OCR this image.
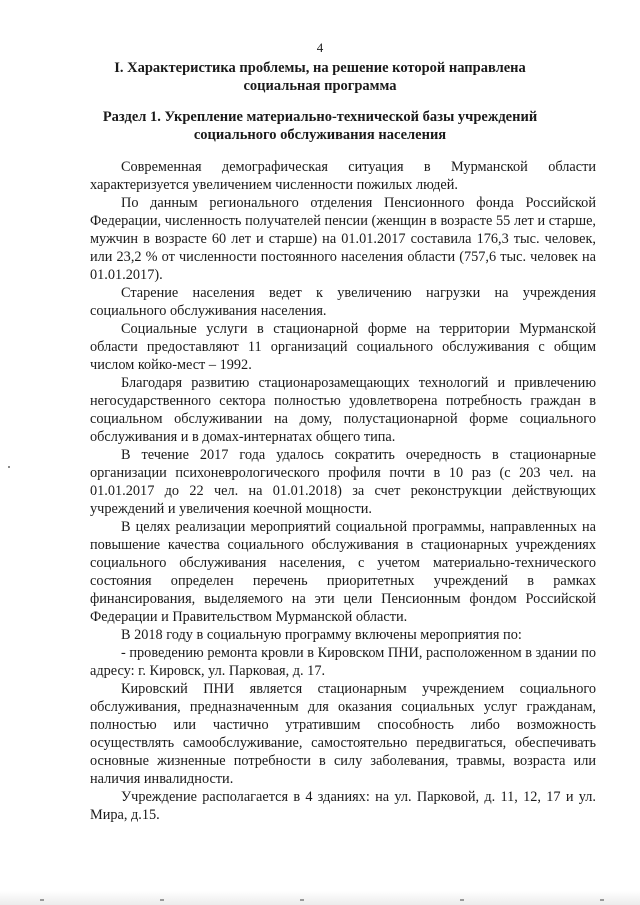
4
I. Характеристика проблемы, на решение которой направлена
социальная программа
Раздел 1. Укрепление материально-технической базы учреждений
социального обслуживания населения

Современная демографическая ситуация в Мурманской области характеризуется увеличением численности пожилых людей.

По данным регионального отделения Пенсионного фонда Российской Федерации, численность получателей пенсии (женщин в возрасте 55 лет и старше, мужчин в возрасте 60 лет и старше) на 01.01.2017 составила 176,3 тыс. человек, или 23,2 % от численности постоянного населения области (757,6 тыс. человек на 01.01.2017).

Старение населения ведет к увеличению нагрузки на учреждения социального обслуживания населения.

Социальные услуги в стационарной форме на территории Мурманской области предоставляют 11 организаций социального обслуживания с общим числом койко-мест – 1992.

Благодаря развитию стационарозамещающих технологий и привлечению негосударственного сектора полностью удовлетворена потребность граждан в социальном обслуживании на дому, полустационарной форме социального обслуживания и в домах-интернатах общего типа.

В течение 2017 года удалось сократить очередность в стационарные организации психоневрологического профиля почти в 10 раз (с 203 чел. на 01.01.2017 до 22 чел. на 01.01.2018) за счет реконструкции действующих учреждений и увеличения коечной мощности.

В целях реализации мероприятий социальной программы, направленных на повышение качества социального обслуживания в стационарных учреждениях социального обслуживания населения, с учетом материально-технического состояния определен перечень приоритетных учреждений в рамках финансирования, выделяемого на эти цели Пенсионным фондом Российской Федерации и Правительством Мурманской области.

В 2018 году в социальную программу включены мероприятия по:

- проведению ремонта кровли в Кировском ПНИ, расположенном в здании по адресу: г. Кировск, ул. Парковая, д. 17.

Кировский ПНИ является стационарным учреждением социального обслуживания, предназначенным для оказания социальных услуг гражданам, полностью или частично утратившим способность либо возможность осуществлять самообслуживание, самостоятельно передвигаться, обеспечивать основные жизненные потребности в силу заболевания, травмы, возраста или наличия инвалидности.

Учреждение располагается в 4 зданиях: на ул. Парковой, д. 11, 12, 17 и ул. Мира, д.15.
